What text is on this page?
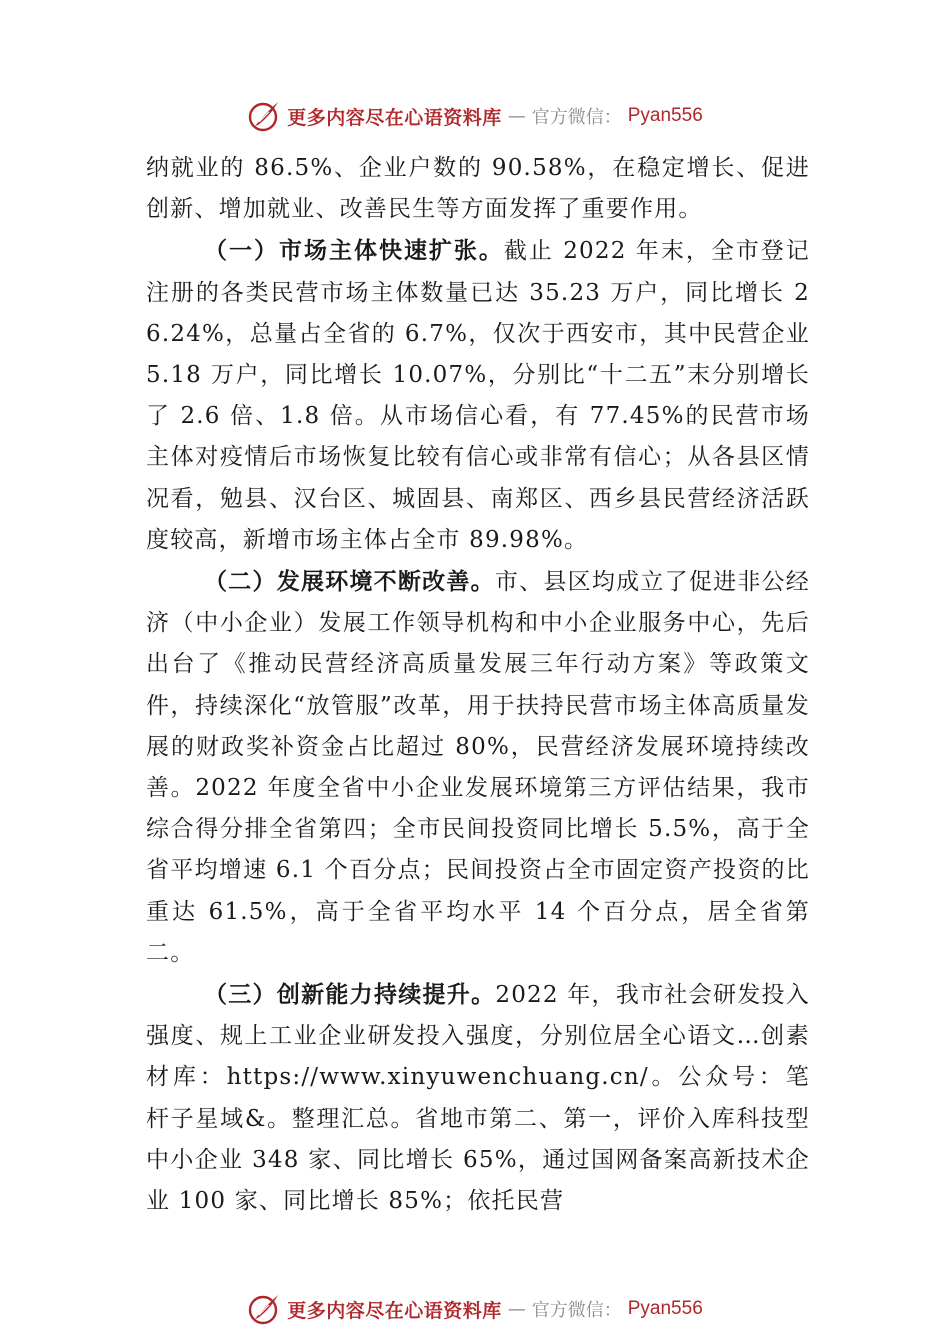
更多内容尽在心语资料库 — 官方微信： Pyan556

纳就业的 86.5%、企业户数的 90.58%，在稳定增长、促进创新、增加就业、改善民生等方面发挥了重要作用。

（一）市场主体快速扩张。截止 2022 年末，全市登记注册的各类民营市场主体数量已达 35.23 万户，同比增长 26.24%，总量占全省的 6.7%，仅次于西安市，其中民营企业 5.18 万户，同比增长 10.07%，分别比“十二五”末分别增长了 2.6 倍、1.8 倍。从市场信心看，有 77.45%的民营市场主体对疫情后市场恢复比较有信心或非常有信心；从各县区情况看，勉县、汉台区、城固县、南郑区、西乡县民营经济活跃度较高，新增市场主体占全市 89.98%。

（二）发展环境不断改善。市、县区均成立了促进非公经济（中小企业）发展工作领导机构和中小企业服务中心，先后出台了《推动民营经济高质量发展三年行动方案》等政策文件，持续深化“放管服”改革，用于扶持民营市场主体高质量发展的财政奖补资金占比超过 80%，民营经济发展环境持续改善。2022 年度全省中小企业发展环境第三方评估结果，我市综合得分排全省第四；全市民间投资同比增长 5.5%，高于全省平均增速 6.1 个百分点；民间投资占全市固定资产投资的比重达 61.5%，高于全省平均水平 14 个百分点，居全省第二。

（三）创新能力持续提升。2022 年，我市社会研发投入强度、规上工业企业研发投入强度，分别位居全心语文…创素材库：https://www.xinyuwenchuang.cn/。公众号：笔杆子星域&。整理汇总。省地市第二、第一，评价入库科技型中小企业 348 家、同比增长 65%，通过国网备案高新技术企业 100 家、同比增长 85%；依托民营

更多内容尽在心语资料库 — 官方微信： Pyan556
